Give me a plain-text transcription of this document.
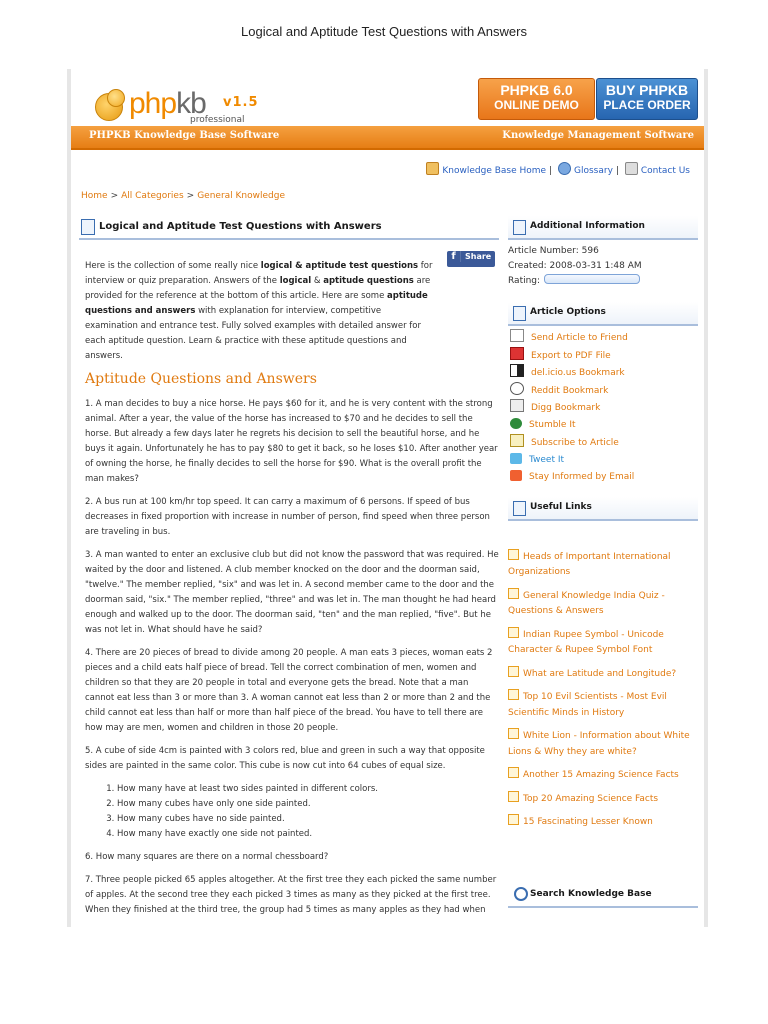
Logical and Aptitude Test Questions with Answers
phpkb v1.5
professional
PHPKB 6.0
ONLINE DEMO
BUY PHPKB
PLACE ORDER
PHPKB Knowledge Base Software	Knowledge Management Software
Knowledge Base Home | Glossary | Contact Us
Home > All Categories > General Knowledge
Logical and Aptitude Test Questions with Answers
f Share

Here is the collection of some really nice logical & aptitude test questions for interview or quiz preparation. Answers of the logical & aptitude questions are provided for the reference at the bottom of this article. Here are some aptitude questions and answers with explanation for interview, competitive examination and entrance test. Fully solved examples with detailed answer for each aptitude question. Learn & practice with these aptitude questions and answers.

Aptitude Questions and Answers

1. A man decides to buy a nice horse. He pays $60 for it, and he is very content with the strong animal. After a year, the value of the horse has increased to $70 and he decides to sell the horse. But already a few days later he regrets his decision to sell the beautiful horse, and he buys it again. Unfortunately he has to pay $80 to get it back, so he loses $10. After another year of owning the horse, he finally decides to sell the horse for $90. What is the overall profit the man makes?

2. A bus run at 100 km/hr top speed. It can carry a maximum of 6 persons. If speed of bus decreases in fixed proportion with increase in number of person, find speed when three person are traveling in bus.

3. A man wanted to enter an exclusive club but did not know the password that was required. He waited by the door and listened. A club member knocked on the door and the doorman said, "twelve." The member replied, "six" and was let in. A second member came to the door and the doorman said, "six." The member replied, "three" and was let in. The man thought he had heard enough and walked up to the door. The doorman said, "ten" and the man replied, "five". But he was not let in. What should have he said?

4. There are 20 pieces of bread to divide among 20 people. A man eats 3 pieces, woman eats 2 pieces and a child eats half piece of bread. Tell the correct combination of men, women and children so that they are 20 people in total and everyone gets the bread. Note that a man cannot eat less than 3 or more than 3. A woman cannot eat less than 2 or more than 2 and the child cannot eat less than half or more than half piece of the bread. You have to tell there are how may are men, women and children in those 20 people.

5. A cube of side 4cm is painted with 3 colors red, blue and green in such a way that opposite sides are painted in the same color. This cube is now cut into 64 cubes of equal size.

1. How many have at least two sides painted in different colors.
2. How many cubes have only one side painted.
3. How many cubes have no side painted.
4. How many have exactly one side not painted.

6. How many squares are there on a normal chessboard?

7. Three people picked 65 apples altogether. At the first tree they each picked the same number of apples. At the second tree they each picked 3 times as many as they picked at the first tree. When they finished at the third tree, the group had 5 times as many apples as they had when

Additional Information
Article Number: 596
Created: 2008-03-31 1:48 AM
Rating:
Article Options
Send Article to Friend
Export to PDF File
del.icio.us Bookmark
Reddit Bookmark
Digg Bookmark
Stumble It
Subscribe to Article
Tweet It
Stay Informed by Email
Useful Links
Heads of Important International Organizations
General Knowledge India Quiz - Questions & Answers
Indian Rupee Symbol - Unicode Character & Rupee Symbol Font
What are Latitude and Longitude?
Top 10 Evil Scientists - Most Evil Scientific Minds in History
White Lion - Information about White Lions & Why they are white?
Another 15 Amazing Science Facts
Top 20 Amazing Science Facts
15 Fascinating Lesser Known
Search Knowledge Base
